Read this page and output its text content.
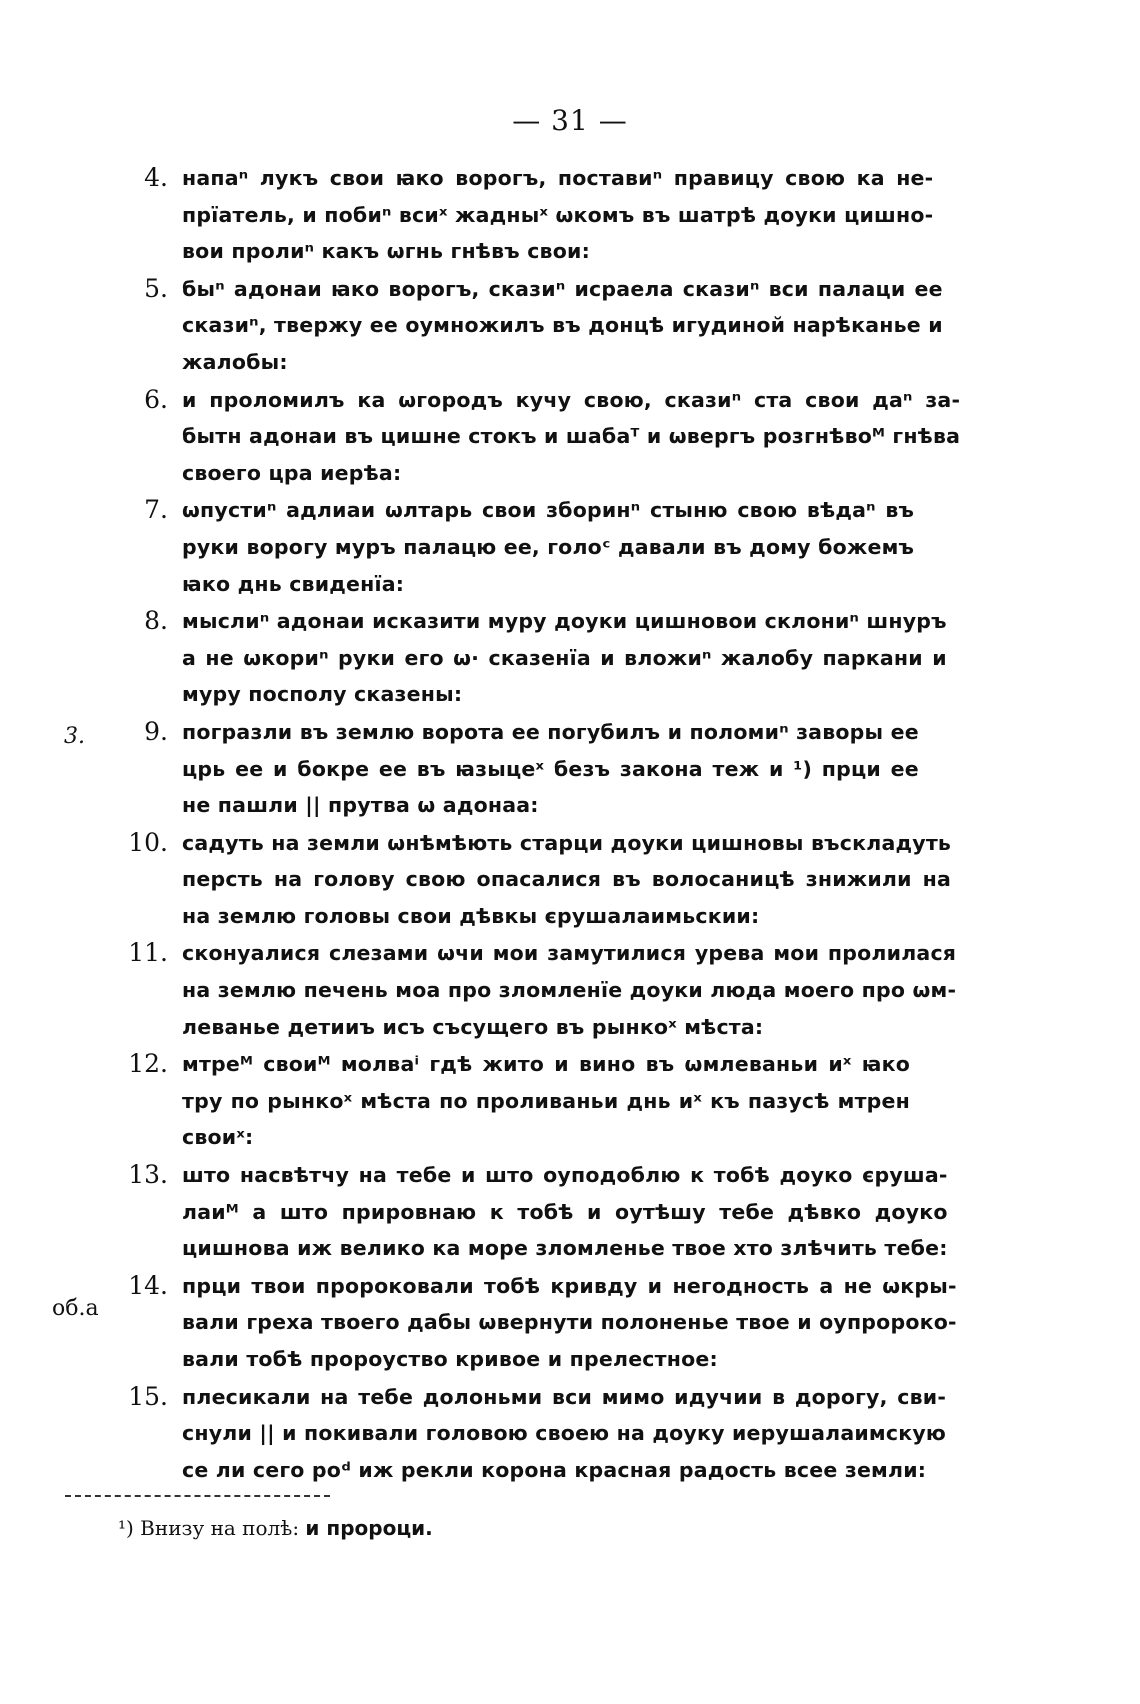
— 31 —
4. напаⁿ лукъ свои ꙗко ворогъ, поставиⁿ правицу свою ка не-
прïатель, и побиⁿ всиˣ жадныˣ ѡкомъ въ шатрѣ доуки цишно-
вои пролиⁿ какъ ѡгнь гнѣвъ свои:
5. быⁿ адонаи ꙗко ворогъ, сказиⁿ исраела сказиⁿ вси палаци ее
сказиⁿ, твержу ее оумножилъ въ донцѣ игудиной нарѣканье и
жалобы:
6. и проломилъ ка ѡгородъ кучу свою, сказиⁿ ста свои даⁿ за-
бытн адонаи въ цишне стокъ и шабаᵀ и ѡвергъ розгнѣвоᴹ гнѣва
своего цра иерѣа:
7. ѡпустиⁿ адлиаи ѡлтарь свои зборинⁿ стыню свою вѣдаⁿ въ
руки ворогу муръ палацю ее, голоᶜ давали въ дому божемъ
ꙗко днь свиденïа:
8. мыслиⁿ адонаи исказити муру доуки цишновои склониⁿ шнуръ
а не ѡкориⁿ руки его ѡ· сказенïа и вложиⁿ жалобу паркани и
муру посполу сказены:
9. погразли въ землю ворота ее погубилъ и поломиⁿ заворы ее
црь ее и бокре ее въ ꙗзыцеˣ безъ закона теж и ¹) прци ее
не пашли || прутва ѡ адонаа:
10. садуть на земли ѡнѣмѣють старци доуки цишновы въскладуть
персть на голову свою опасалися въ волосаницѣ знижили на
на землю головы свои дѣвкы єрушалаимьскии:
11. сконуалися слезами ѡчи мои замутилися урева мои пролилася
на землю печень моа про зломленïе доуки люда моего про ѡм-
леванье детииъ исъ съсущего въ рынкоˣ мѣста:
12. мтреᴹ своиᴹ молваⁱ гдѣ жито и вино въ ѡмлеваньи иˣ ꙗко
тру по рынкоˣ мѣста по проливаньи днь иˣ къ пазусѣ мтрен
своиˣ:
13. што насвѣтчу на тебе и што оуподоблю к тобѣ доуко єруша-
лаиᴹ а што прировнаю к тобѣ и оутѣшу тебе дѣвко доуко
цишнова иж велико ка море зломленье твое хто злѣчить тебе:
14. прци твои пророковали тобѣ кривду и негодность а не ѡкры-
вали греха твоего дабы ѡвернути полоненье твое и оупророко-
вали тобѣ пророуство кривое и прелестное:
15. плесикали на тебе долоньми вси мимо идучии в дорогу, сви-
снули || и покивали головою своею на доуку иерушалаимскую
се ли сего роᵈ иж рекли корона красная радость всее земли:
3.
об.а
¹) Внизу на полѣ: и пророци.
